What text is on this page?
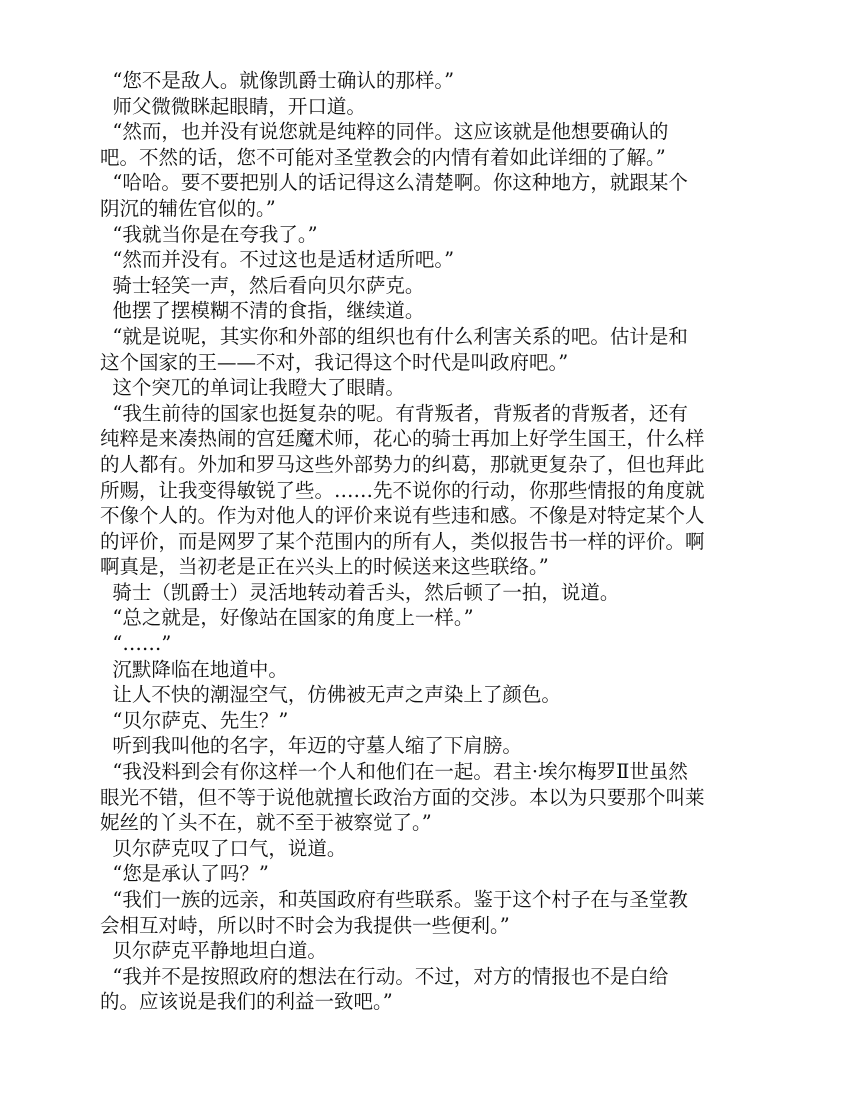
“您不是敌人。就像凯爵士确认的那样。”

师父微微眯起眼睛，开口道。

“然而，也并没有说您就是纯粹的同伴。这应该就是他想要确认的

吧。不然的话，您不可能对圣堂教会的内情有着如此详细的了解。”

“哈哈。要不要把别人的话记得这么清楚啊。你这种地方，就跟某个

阴沉的辅佐官似的。”

“我就当你是在夸我了。”

“然而并没有。不过这也是适材适所吧。”

骑士轻笑一声，然后看向贝尔萨克。

他摆了摆模糊不清的食指，继续道。

“就是说呢，其实你和外部的组织也有什么利害关系的吧。估计是和

这个国家的王——不对，我记得这个时代是叫政府吧。”

这个突兀的单词让我瞪大了眼睛。

“我生前待的国家也挺复杂的呢。有背叛者，背叛者的背叛者，还有

纯粹是来凑热闹的宫廷魔术师，花心的骑士再加上好学生国王，什么样

的人都有。外加和罗马这些外部势力的纠葛，那就更复杂了，但也拜此

所赐，让我变得敏锐了些。……先不说你的行动，你那些情报的角度就

不像个人的。作为对他人的评价来说有些违和感。不像是对特定某个人

的评价，而是网罗了某个范围内的所有人，类似报告书一样的评价。啊

啊真是，当初老是正在兴头上的时候送来这些联络。”

骑士（凯爵士）灵活地转动着舌头，然后顿了一拍，说道。

“总之就是，好像站在国家的角度上一样。”

“……”

沉默降临在地道中。

让人不快的潮湿空气，仿佛被无声之声染上了颜色。

“贝尔萨克、先生？”

听到我叫他的名字，年迈的守墓人缩了下肩膀。

“我没料到会有你这样一个人和他们在一起。君主·埃尔梅罗Ⅱ世虽然

眼光不错，但不等于说他就擅长政治方面的交涉。本以为只要那个叫莱

妮丝的丫头不在，就不至于被察觉了。”

贝尔萨克叹了口气，说道。

“您是承认了吗？”

“我们一族的远亲，和英国政府有些联系。鉴于这个村子在与圣堂教

会相互对峙，所以时不时会为我提供一些便利。”

贝尔萨克平静地坦白道。

“我并不是按照政府的想法在行动。不过，对方的情报也不是白给

的。应该说是我们的利益一致吧。”
